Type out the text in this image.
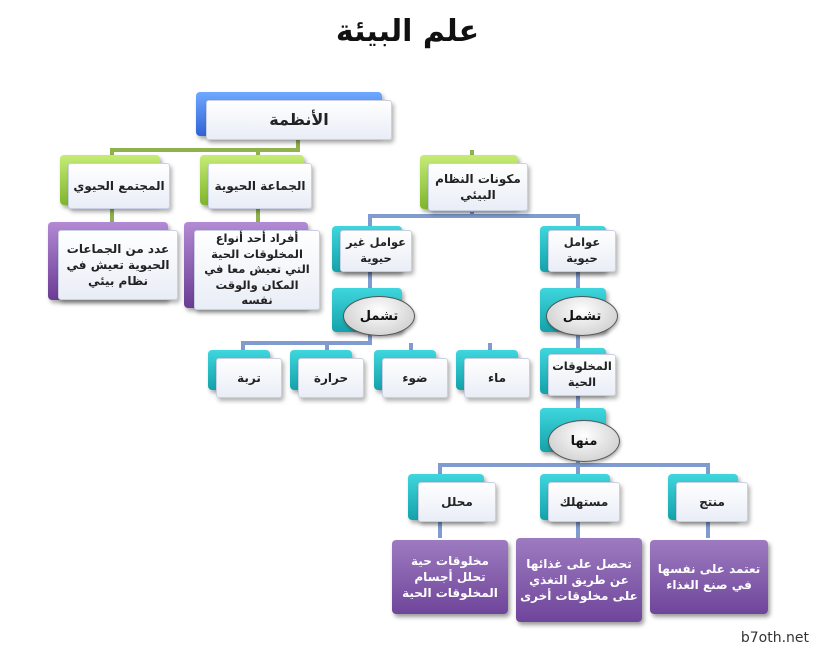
علم البيئة
الأنظمة
المجتمع الحيوي	الجماعة الحيوية
مكونات النظام البيئي
عدد من الجماعات الحيوية تعيش في نظام بيئي
أفراد أحد أنواع المخلوقات الحية التي تعيش معا في المكان والوقت نفسه
عوامل غير حيوية
عوامل حيوية
تشمل	تشمل
ماء
ضوء
حرارة
تربة
المخلوقات الحية
منها
محلل	مستهلك	منتج
مخلوقات حية تحلل أجسام المخلوقات الحية
تحصل على غذائها عن طريق التغذي على مخلوقات أخرى
تعتمد على نفسها في صنع الغذاء
b7oth.net
